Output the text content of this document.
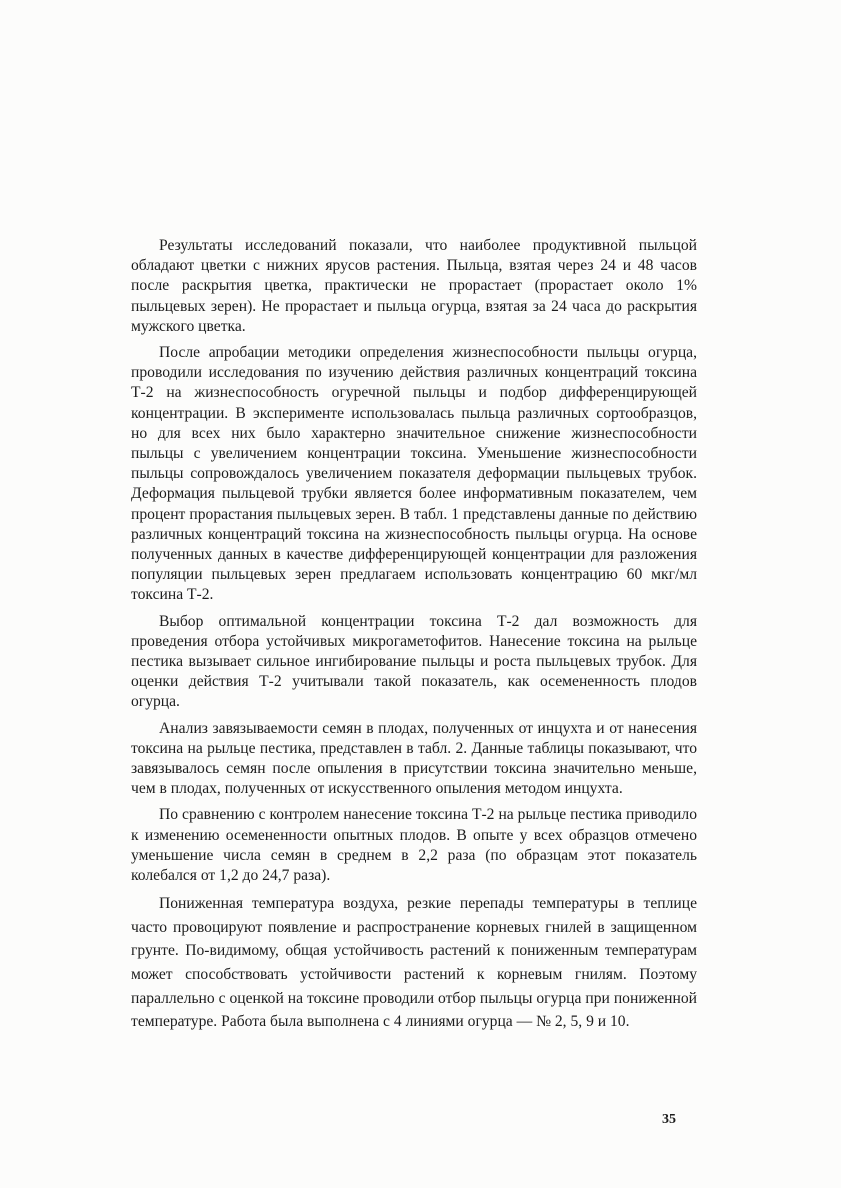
Результаты исследований показали, что наиболее продуктивной пыльцой обладают цветки с нижних ярусов растения. Пыльца, взятая через 24 и 48 часов после раскрытия цветка, практически не прорастает (прорастает около 1% пыльцевых зерен). Не прорастает и пыльца огурца, взятая за 24 часа до раскрытия мужского цветка.

После апробации методики определения жизнеспособности пыльцы огурца, проводили исследования по изучению действия различных концентраций токсина Т-2 на жизнеспособность огуречной пыльцы и подбор дифференцирующей концентрации. В эксперименте использовалась пыльца различных сортообразцов, но для всех них было характерно значительное снижение жизнеспособности пыльцы с увеличением концентрации токсина. Уменьшение жизнеспособности пыльцы сопровождалось увеличением показателя деформации пыльцевых трубок. Деформация пыльцевой трубки является более информативным показателем, чем процент прорастания пыльцевых зерен. В табл. 1 представлены данные по действию различных концентраций токсина на жизнеспособность пыльцы огурца. На основе полученных данных в качестве дифференцирующей концентрации для разложения популяции пыльцевых зерен предлагаем использовать концентрацию 60 мкг/мл токсина Т-2.

Выбор оптимальной концентрации токсина Т-2 дал возможность для проведения отбора устойчивых микрогаметофитов. Нанесение токсина на рыльце пестика вызывает сильное ингибирование пыльцы и роста пыльцевых трубок. Для оценки действия Т-2 учитывали такой показатель, как осемененность плодов огурца.

Анализ завязываемости семян в плодах, полученных от инцухта и от нанесения токсина на рыльце пестика, представлен в табл. 2. Данные таблицы показывают, что завязывалось семян после опыления в присутствии токсина значительно меньше, чем в плодах, полученных от искусственного опыления методом инцухта.

По сравнению с контролем нанесение токсина Т-2 на рыльце пестика приводило к изменению осемененности опытных плодов. В опыте у всех образцов отмечено уменьшение числа семян в среднем в 2,2 раза (по образцам этот показатель колебался от 1,2 до 24,7 раза).

Пониженная температура воздуха, резкие перепады температуры в теплице часто провоцируют появление и распространение корневых гнилей в защищенном грунте. По-видимому, общая устойчивость растений к пониженным температурам может способствовать устойчивости растений к корневым гнилям. Поэтому параллельно с оценкой на токсине проводили отбор пыльцы огурца при пониженной температуре. Работа была выполнена с 4 линиями огурца — № 2, 5, 9 и 10.

35
